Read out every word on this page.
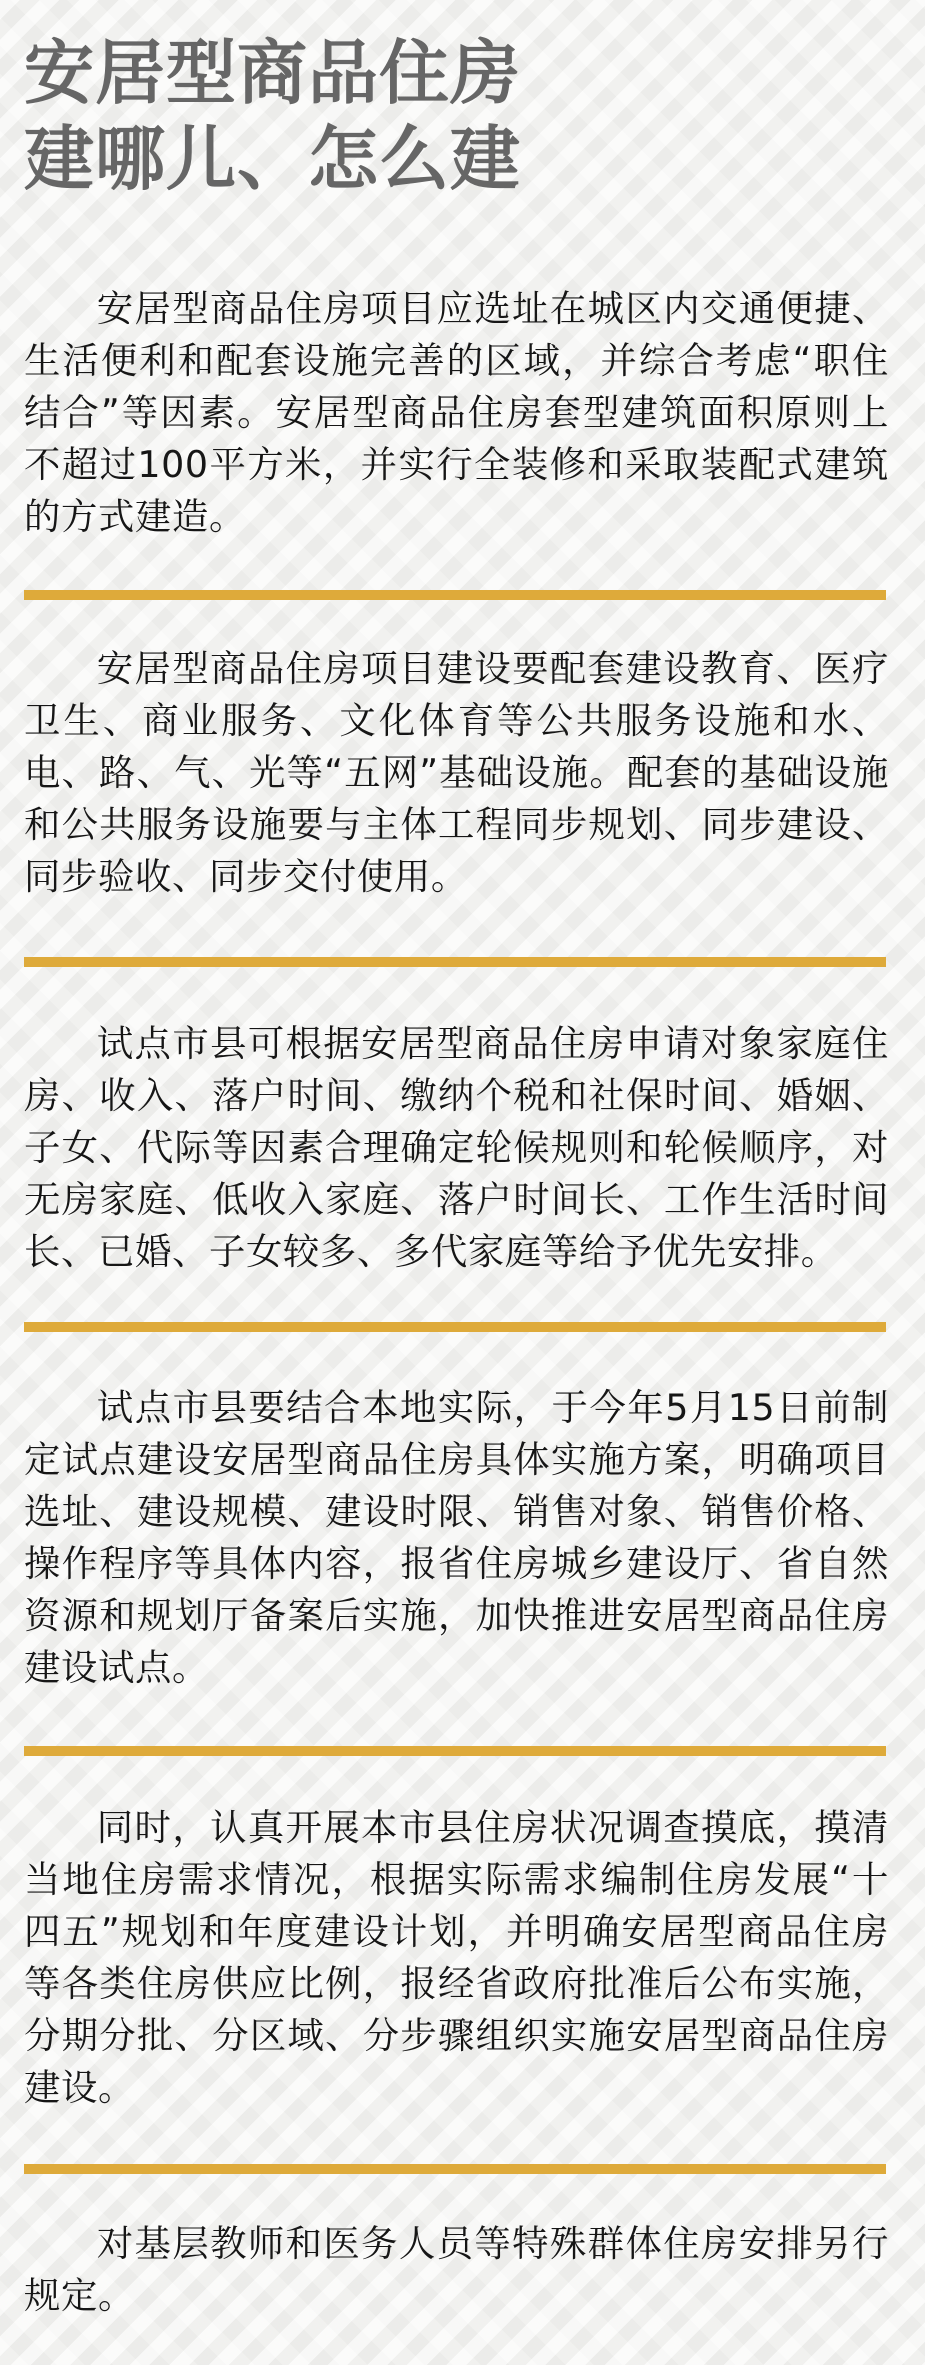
安居型商品住房
建哪儿、怎么建

安居型商品住房项目应选址在城区内交通便捷、生活便利和配套设施完善的区域，并综合考虑“职住结合”等因素。安居型商品住房套型建筑面积原则上不超过100平方米，并实行全装修和采取装配式建筑的方式建造。

安居型商品住房项目建设要配套建设教育、医疗卫生、商业服务、文化体育等公共服务设施和水、电、路、气、光等“五网”基础设施。配套的基础设施和公共服务设施要与主体工程同步规划、同步建设、同步验收、同步交付使用。

试点市县可根据安居型商品住房申请对象家庭住房、收入、落户时间、缴纳个税和社保时间、婚姻、子女、代际等因素合理确定轮候规则和轮候顺序，对无房家庭、低收入家庭、落户时间长、工作生活时间长、已婚、子女较多、多代家庭等给予优先安排。

试点市县要结合本地实际，于今年5月15日前制定试点建设安居型商品住房具体实施方案，明确项目选址、建设规模、建设时限、销售对象、销售价格、操作程序等具体内容，报省住房城乡建设厅、省自然资源和规划厅备案后实施，加快推进安居型商品住房建设试点。

同时，认真开展本市县住房状况调查摸底，摸清当地住房需求情况，根据实际需求编制住房发展“十四五”规划和年度建设计划，并明确安居型商品住房等各类住房供应比例，报经省政府批准后公布实施，分期分批、分区域、分步骤组织实施安居型商品住房建设。

对基层教师和医务人员等特殊群体住房安排另行规定。
